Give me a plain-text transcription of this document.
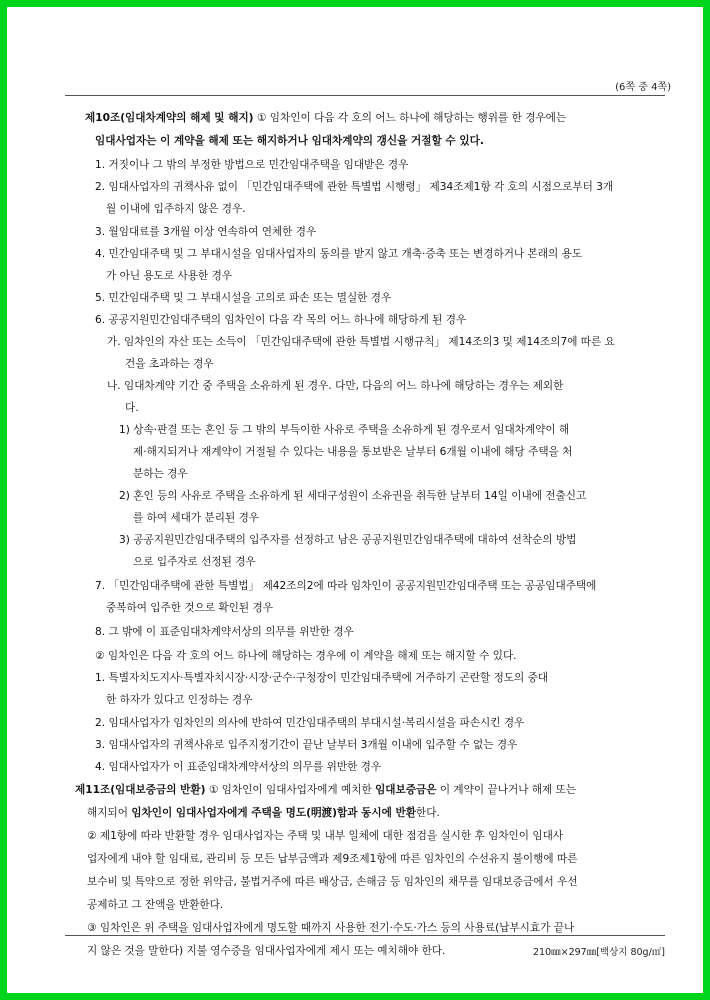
(6쪽 중 4쪽)
제10조(임대차계약의 해제 및 해지) ① 임차인이 다음 각 호의 어느 하나에 해당하는 행위를 한 경우에는
임대사업자는 이 계약을 해제 또는 해지하거나 임대차계약의 갱신을 거절할 수 있다.
1. 거짓이나 그 밖의 부정한 방법으로 민간임대주택을 임대받은 경우
2. 임대사업자의 귀책사유 없이 「민간임대주택에 관한 특별법 시행령」 제34조제1항 각 호의 시점으로부터 3개
월 이내에 입주하지 않은 경우.
3. 월임대료를 3개월 이상 연속하여 연체한 경우
4. 민간임대주택 및 그 부대시설을 임대사업자의 동의를 받지 않고 개축·증축 또는 변경하거나 본래의 용도
가 아닌 용도로 사용한 경우
5. 민간임대주택 및 그 부대시설을 고의로 파손 또는 멸실한 경우
6. 공공지원민간임대주택의 임차인이 다음 각 목의 어느 하나에 해당하게 된 경우
가. 임차인의 자산 또는 소득이 「민간임대주택에 관한 특별법 시행규칙」 제14조의3 및 제14조의7에 따른 요
건을 초과하는 경우
나. 임대차계약 기간 중 주택을 소유하게 된 경우. 다만, 다음의 어느 하나에 해당하는 경우는 제외한
다.
1) 상속·판결 또는 혼인 등 그 밖의 부득이한 사유로 주택을 소유하게 된 경우로서 임대차계약이 해
제·해지되거나 재계약이 거절될 수 있다는 내용을 통보받은 날부터 6개월 이내에 해당 주택을 처
분하는 경우
2) 혼인 등의 사유로 주택을 소유하게 된 세대구성원이 소유권을 취득한 날부터 14일 이내에 전출신고
를 하여 세대가 분리된 경우
3) 공공지원민간임대주택의 입주자를 선정하고 남은 공공지원민간임대주택에 대하여 선착순의 방법
으로 입주자로 선정된 경우
7. 「민간임대주택에 관한 특별법」 제42조의2에 따라 임차인이 공공지원민간임대주택 또는 공공임대주택에
중복하여 입주한 것으로 확인된 경우
8. 그 밖에 이 표준임대차계약서상의 의무를 위반한 경우
② 임차인은 다음 각 호의 어느 하나에 해당하는 경우에 이 계약을 해제 또는 해지할 수 있다.
1. 특별자치도지사·특별자치시장·시장·군수·구청장이 민간임대주택에 거주하기 곤란할 정도의 중대
한 하자가 있다고 인정하는 경우
2. 임대사업자가 임차인의 의사에 반하여 민간임대주택의 부대시설·복리시설을 파손시킨 경우
3. 임대사업자의 귀책사유로 입주지정기간이 끝난 날부터 3개월 이내에 입주할 수 없는 경우
4. 임대사업자가 이 표준임대차계약서상의 의무를 위반한 경우
제11조(임대보증금의 반환) ① 임차인이 임대사업자에게 예치한 임대보증금은 이 계약이 끝나거나 해제 또는
해지되어 임차인이 임대사업자에게 주택을 명도(明渡)함과 동시에 반환한다.
② 제1항에 따라 반환할 경우 임대사업자는 주택 및 내부 일체에 대한 점검을 실시한 후 임차인이 임대사
업자에게 내야 할 임대료, 관리비 등 모든 납부금액과 제9조제1항에 따른 임차인의 수선유지 불이행에 따른
보수비 및 특약으로 정한 위약금, 불법거주에 따른 배상금, 손해금 등 임차인의 채무를 임대보증금에서 우선
공제하고 그 잔액을 반환한다.
③ 임차인은 위 주택을 임대사업자에게 명도할 때까지 사용한 전기·수도·가스 등의 사용료(납부시효가 끝나
지 않은 것을 말한다) 지불 영수증을 임대사업자에게 제시 또는 예치해야 한다.	210㎜×297㎜[백상지 80g/㎡]
